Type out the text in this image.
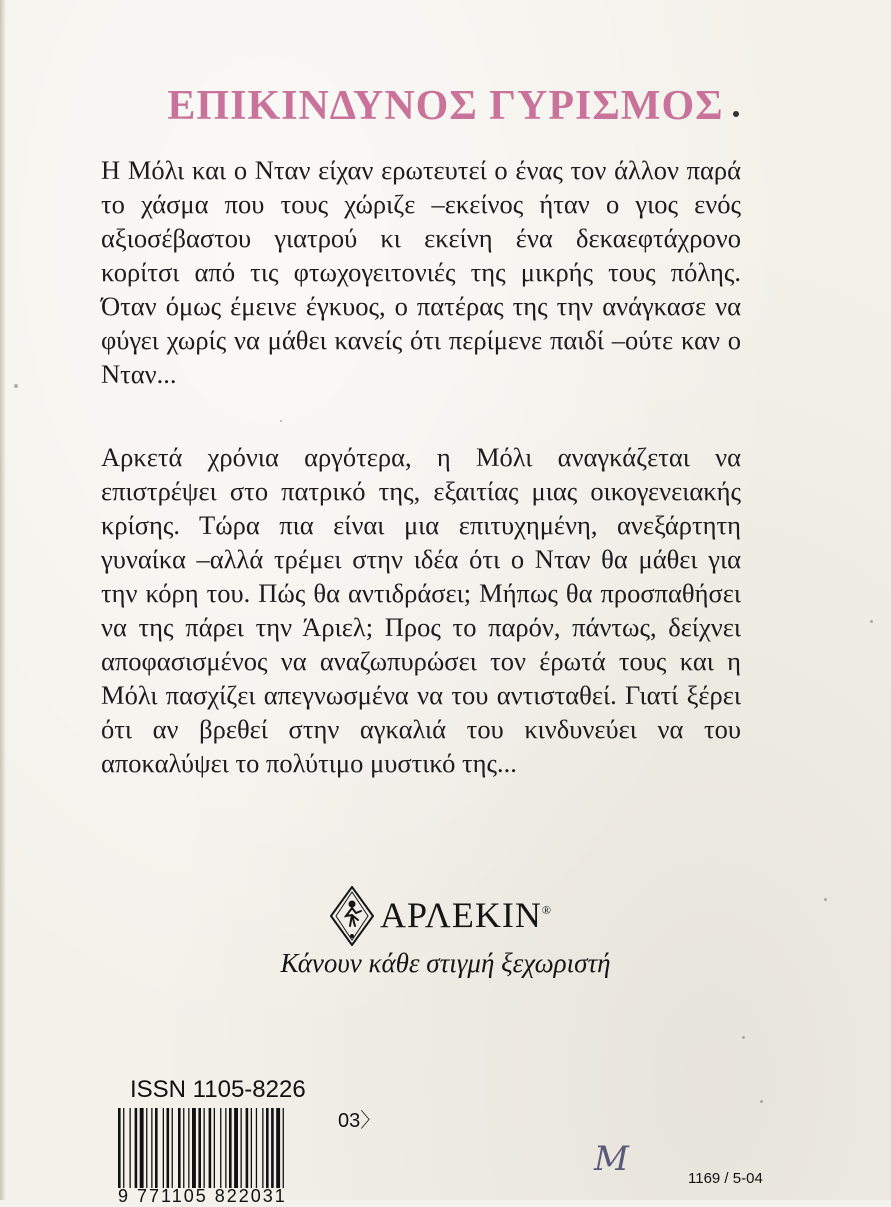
ΕΠΙΚΙΝΔΥΝΟΣ ΓΥΡΙΣΜΟΣ

Η Μόλι και ο Νταν είχαν ερωτευτεί ο ένας τον άλλον παρά το χάσμα που τους χώριζε –εκείνος ήταν ο γιος ενός αξιοσέβαστου γιατρού κι εκείνη ένα δεκαεφτάχρονο κορίτσι από τις φτωχογειτονιές της μικρής τους πόλης. Όταν όμως έμεινε έγκυος, ο πατέρας της την ανάγκασε να φύγει χωρίς να μάθει κανείς ότι περίμενε παιδί –ούτε καν ο Νταν...

Αρκετά χρόνια αργότερα, η Μόλι αναγκάζεται να επιστρέψει στο πατρικό της, εξαιτίας μιας οικογενειακής κρίσης. Τώρα πια είναι μια επιτυχημένη, ανεξάρτητη γυναίκα –αλλά τρέμει στην ιδέα ότι ο Νταν θα μάθει για την κόρη του. Πώς θα αντιδράσει; Μήπως θα προσπαθήσει να της πάρει την Άριελ; Προς το παρόν, πάντως, δείχνει αποφασισμένος να αναζωπυρώσει τον έρωτά τους και η Μόλι πασχίζει απεγνωσμένα να του αντισταθεί. Γιατί ξέρει ότι αν βρεθεί στην αγκαλιά του κινδυνεύει να του αποκαλύψει το πολύτιμο μυστικό της...

ΑΡΛΕΚΙΝ®
Κάνουν κάθε στιγμή ξεχωριστή
ISSN 1105-8226
03〉
9 771105 822031
Μ	1169 / 5-04
